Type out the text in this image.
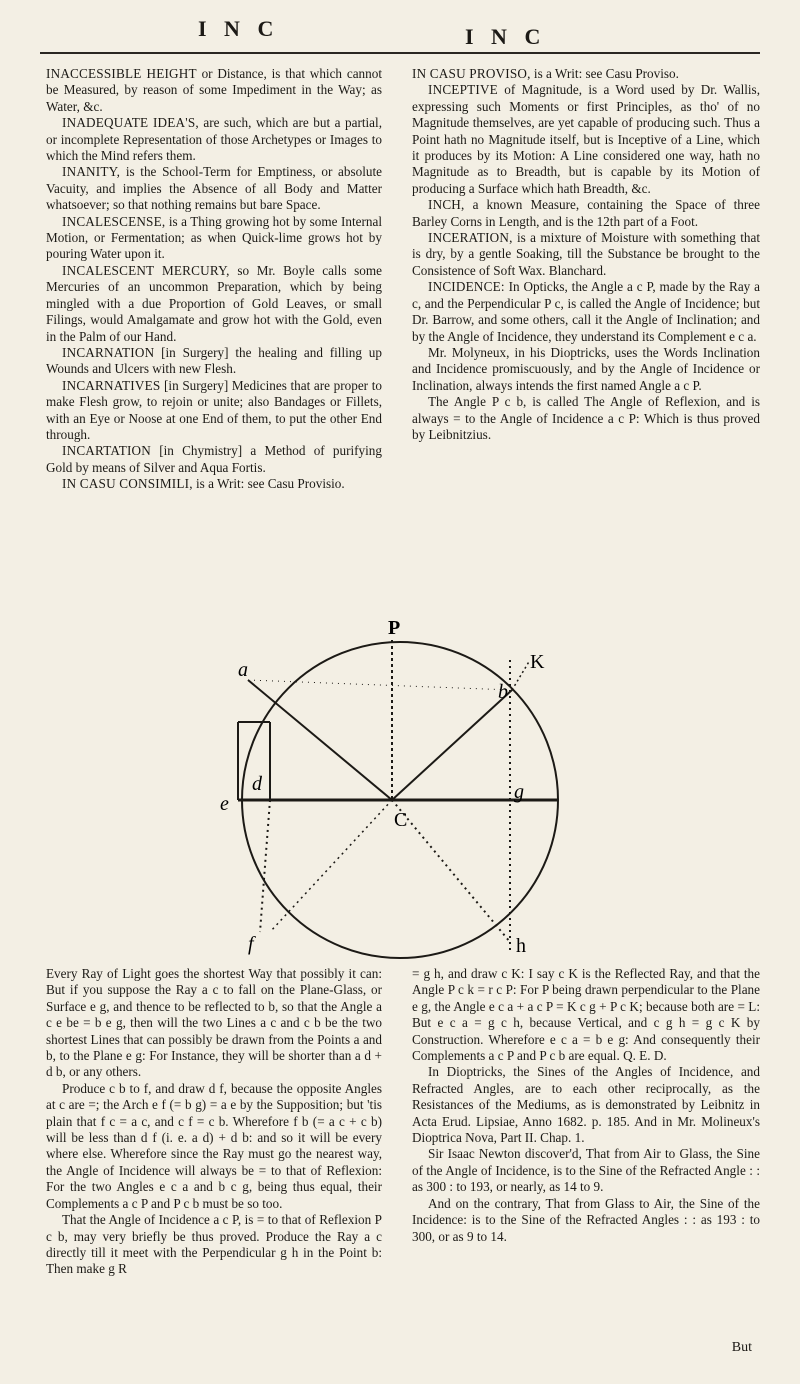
I N C	I N C

INACCESSIBLE HEIGHT or Distance, is that which cannot be Measured, by reason of some Impediment in the Way; as Water, &c.

INADEQUATE IDEA'S, are such, which are but a partial, or incomplete Representation of those Archetypes or Images to which the Mind refers them.

INANITY, is the School-Term for Emptiness, or absolute Vacuity, and implies the Absence of all Body and Matter whatsoever; so that nothing remains but bare Space.

INCALESCENSE, is a Thing growing hot by some Internal Motion, or Fermentation; as when Quick-lime grows hot by pouring Water upon it.

INCALESCENT MERCURY, so Mr. Boyle calls some Mercuries of an uncommon Preparation, which by being mingled with a due Proportion of Gold Leaves, or small Filings, would Amalgamate and grow hot with the Gold, even in the Palm of our Hand.

INCARNATION [in Surgery] the healing and filling up Wounds and Ulcers with new Flesh.

INCARNATIVES [in Surgery] Medicines that are proper to make Flesh grow, to rejoin or unite; also Bandages or Fillets, with an Eye or Noose at one End of them, to put the other End through.

INCARTATION [in Chymistry] a Method of purifying Gold by means of Silver and Aqua Fortis.

IN CASU CONSIMILI, is a Writ: see Casu Provisio.

IN CASU PROVISO, is a Writ: see Casu Proviso.

INCEPTIVE of Magnitude, is a Word used by Dr. Wallis, expressing such Moments or first Principles, as tho' of no Magnitude themselves, are yet capable of producing such. Thus a Point hath no Magnitude itself, but is Inceptive of a Line, which it produces by its Motion: A Line considered one way, hath no Magnitude as to Breadth, but is capable by its Motion of producing a Surface which hath Breadth, &c.

INCH, a known Measure, containing the Space of three Barley Corns in Length, and is the 12th part of a Foot.

INCERATION, is a mixture of Moisture with something that is dry, by a gentle Soaking, till the Substance be brought to the Consistence of Soft Wax. Blanchard.

INCIDENCE: In Opticks, the Angle a c P, made by the Ray a c, and the Perpendicular P c, is called the Angle of Incidence; but Dr. Barrow, and some others, call it the Angle of Inclination; and by the Angle of Incidence, they understand its Complement e c a.

Mr. Molyneux, in his Dioptricks, uses the Words Inclination and Incidence promiscuously, and by the Angle of Incidence or Inclination, always intends the first named Angle a c P.

The Angle P c b, is called The Angle of Reflexion, and is always = to the Angle of Incidence a c P: Which is thus proved by Leibnitzius.

P
a	K
b
e
d	g
C
f	h

Every Ray of Light goes the shortest Way that possibly it can: But if you suppose the Ray a c to fall on the Plane-Glass, or Surface e g, and thence to be reflected to b, so that the Angle a c e be = b e g, then will the two Lines a c and c b be the two shortest Lines that can possibly be drawn from the Points a and b, to the Plane e g: For Instance, they will be shorter than a d + d b, or any others.

Produce c b to f, and draw d f, because the opposite Angles at c are =; the Arch e f (= b g) = a e by the Supposition; but 'tis plain that f c = a c, and c f = c b. Wherefore f b (= a c + c b) will be less than d f (i. e. a d) + d b: and so it will be every where else. Wherefore since the Ray must go the nearest way, the Angle of Incidence will always be = to that of Reflexion: For the two Angles e c a and b c g, being thus equal, their Complements a c P and P c b must be so too.

That the Angle of Incidence a c P, is = to that of Reflexion P c b, may very briefly be thus proved. Produce the Ray a c directly till it meet with the Perpendicular g h in the Point b: Then make g R

= g h, and draw c K: I say c K is the Reflected Ray, and that the Angle P c k = r c P: For P being drawn perpendicular to the Plane e g, the Angle e c a + a c P = K c g + P c K; because both are = L: But e c a = g c h, because Vertical, and c g h = g c K by Construction. Wherefore e c a = b e g: And consequently their Complements a c P and P c b are equal. Q. E. D.

In Dioptricks, the Sines of the Angles of Incidence, and Refracted Angles, are to each other reciprocally, as the Resistances of the Mediums, as is demonstrated by Leibnitz in Acta Erud. Lipsiae, Anno 1682. p. 185. And in Mr. Molineux's Dioptrica Nova, Part II. Chap. 1.

Sir Isaac Newton discover'd, That from Air to Glass, the Sine of the Angle of Incidence, is to the Sine of the Refracted Angle : : as 300 : to 193, or nearly, as 14 to 9.

And on the contrary, That from Glass to Air, the Sine of the Incidence: is to the Sine of the Refracted Angles : : as 193 : to 300, or as 9 to 14.

But
